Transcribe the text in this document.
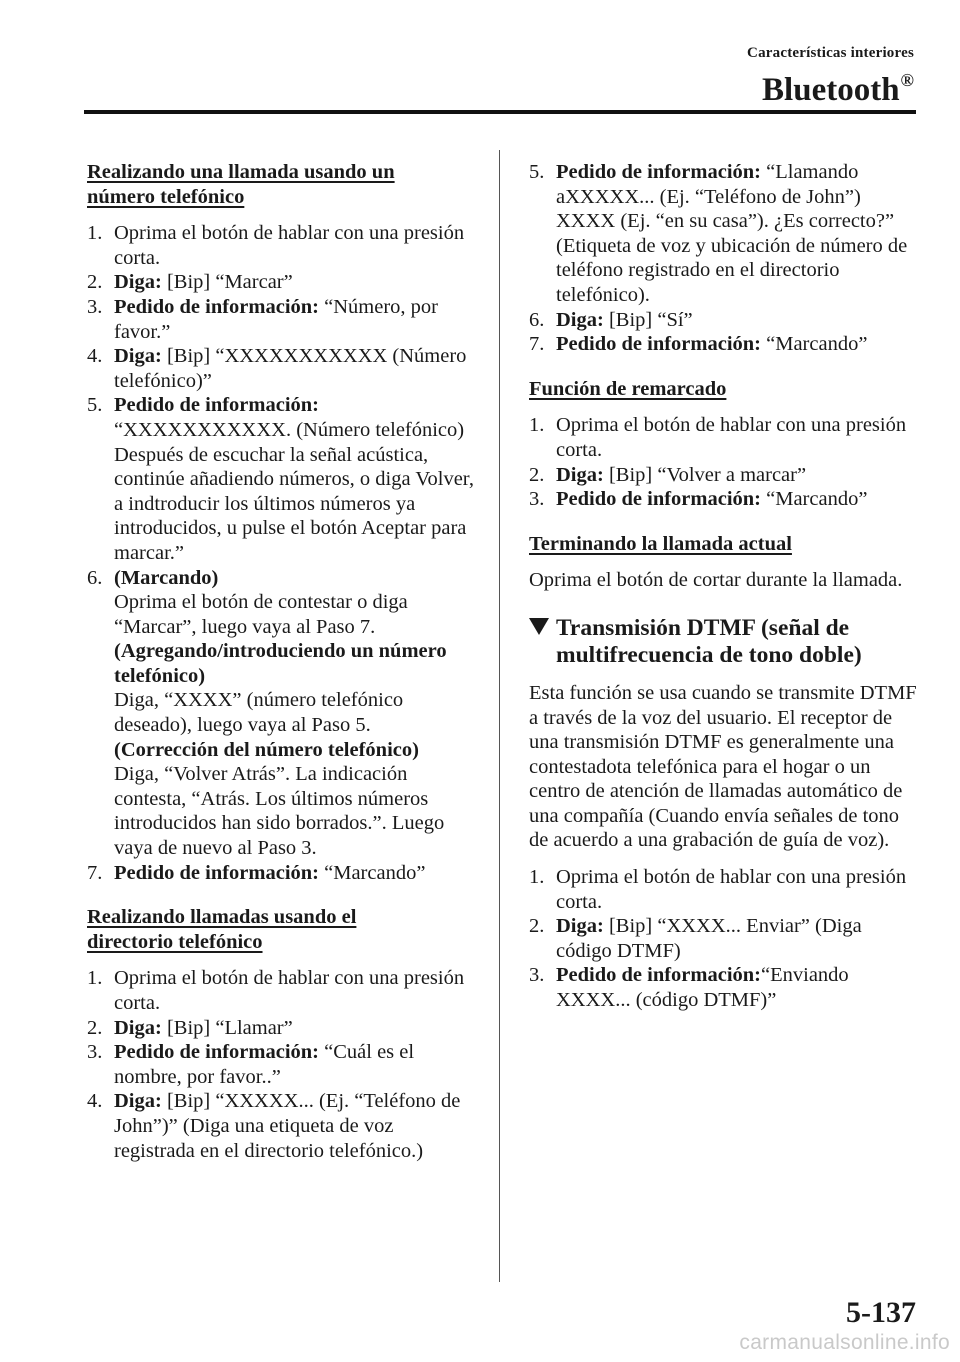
Características interiores
Bluetooth®
Realizando una llamada usando un
número telefónico
1. Oprima el botón de hablar con una presión corta.
2. Diga: [Bip] “Marcar”
3. Pedido de información: “Número, por favor.”
4. Diga: [Bip] “XXXXXXXXXXX (Número telefónico)”
5. Pedido de información:
“XXXXXXXXXXX. (Número telefónico) Después de escuchar la señal acústica, continúe añadiendo números, o diga Volver, a indtroducir los últimos números ya introducidos, u pulse el botón Aceptar para marcar.”
6. (Marcando)
Oprima el botón de contestar o diga “Marcar”, luego vaya al Paso 7.
(Agregando/introduciendo un número telefónico)
Diga, “XXXX” (número telefónico deseado), luego vaya al Paso 5.
(Corrección del número telefónico)
Diga, “Volver Atrás”. La indicación contesta, “Atrás. Los últimos números introducidos han sido borrados.”. Luego vaya de nuevo al Paso 3.
7. Pedido de información: “Marcando”
Realizando llamadas usando el
directorio telefónico
1. Oprima el botón de hablar con una presión corta.
2. Diga: [Bip] “Llamar”
3. Pedido de información: “Cuál es el nombre, por favor..”
4. Diga: [Bip] “XXXXX... (Ej. “Teléfono de John”)” (Diga una etiqueta de voz registrada en el directorio telefónico.)
5. Pedido de información: “Llamando aXXXXX... (Ej. “Teléfono de John”) XXXX (Ej. “en su casa”). ¿Es correcto?” (Etiqueta de voz y ubicación de número de teléfono registrado en el directorio telefónico).
6. Diga: [Bip] “Sí”
7. Pedido de información: “Marcando”
Función de remarcado
1. Oprima el botón de hablar con una presión corta.
2. Diga: [Bip] “Volver a marcar”
3. Pedido de información: “Marcando”
Terminando la llamada actual

Oprima el botón de cortar durante la llamada.

Transmisión DTMF (señal de
multifrecuencia de tono doble)

Esta función se usa cuando se transmite DTMF a través de la voz del usuario. El receptor de una transmisión DTMF es generalmente una contestadota telefónica para el hogar o un centro de atención de llamadas automático de una compañía (Cuando envía señales de tono de acuerdo a una grabación de guía de voz).

1. Oprima el botón de hablar con una presión corta.
2. Diga: [Bip] “XXXX... Enviar” (Diga código DTMF)
3. Pedido de información:“Enviando XXXX... (código DTMF)”
5-137
carmanualsonline.info
